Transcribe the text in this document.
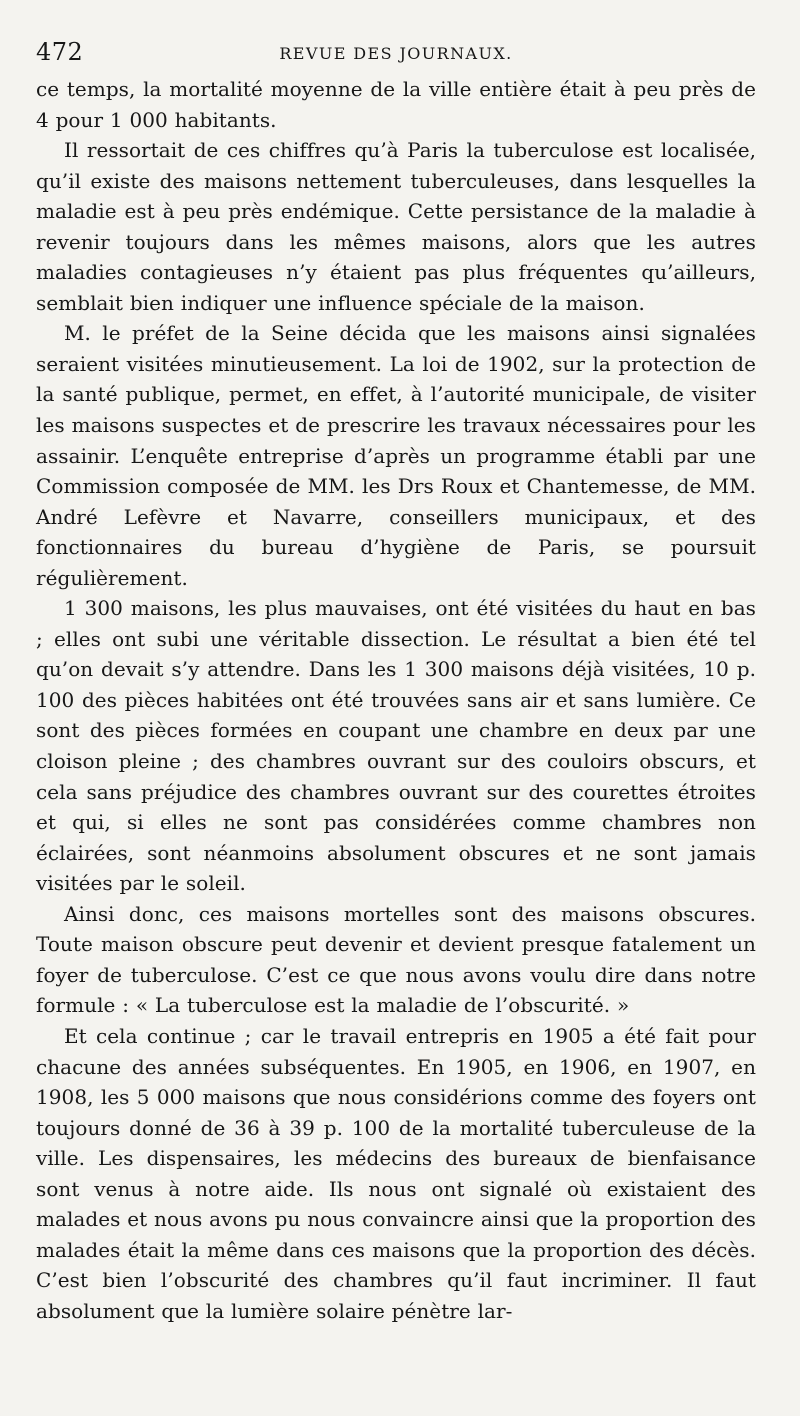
472	REVUE DES JOURNAUX.

ce temps, la mortalité moyenne de la ville entière était à peu près de 4 pour 1 000 habitants.

Il ressortait de ces chiffres qu’à Paris la tuberculose est localisée, qu’il existe des maisons nettement tuberculeuses, dans lesquelles la maladie est à peu près endémique. Cette persistance de la maladie à revenir toujours dans les mêmes maisons, alors que les autres maladies contagieuses n’y étaient pas plus fréquentes qu’ailleurs, semblait bien indiquer une influence spéciale de la maison.

M. le préfet de la Seine décida que les maisons ainsi signalées seraient visitées minutieusement. La loi de 1902, sur la protection de la santé publique, permet, en effet, à l’autorité municipale, de visiter les maisons suspectes et de prescrire les travaux nécessaires pour les assainir. L’enquête entreprise d’après un programme établi par une Commission composée de MM. les Drs Roux et Chantemesse, de MM. André Lefèvre et Navarre, conseillers municipaux, et des fonctionnaires du bureau d’hygiène de Paris, se poursuit régulièrement.

1 300 maisons, les plus mauvaises, ont été visitées du haut en bas ; elles ont subi une véritable dissection. Le résultat a bien été tel qu’on devait s’y attendre. Dans les 1 300 maisons déjà visitées, 10 p. 100 des pièces habitées ont été trouvées sans air et sans lumière. Ce sont des pièces formées en coupant une chambre en deux par une cloison pleine ; des chambres ouvrant sur des couloirs obscurs, et cela sans préjudice des chambres ouvrant sur des courettes étroites et qui, si elles ne sont pas considérées comme chambres non éclairées, sont néanmoins absolument obscures et ne sont jamais visitées par le soleil.

Ainsi donc, ces maisons mortelles sont des maisons obscures. Toute maison obscure peut devenir et devient presque fatalement un foyer de tuberculose. C’est ce que nous avons voulu dire dans notre formule : « La tuberculose est la maladie de l’obscurité. »

Et cela continue ; car le travail entrepris en 1905 a été fait pour chacune des années subséquentes. En 1905, en 1906, en 1907, en 1908, les 5 000 maisons que nous considérions comme des foyers ont toujours donné de 36 à 39 p. 100 de la mortalité tuberculeuse de la ville. Les dispensaires, les médecins des bureaux de bienfaisance sont venus à notre aide. Ils nous ont signalé où existaient des malades et nous avons pu nous convaincre ainsi que la proportion des malades était la même dans ces maisons que la proportion des décès. C’est bien l’obscurité des chambres qu’il faut incriminer. Il faut absolument que la lumière solaire pénètre lar-
